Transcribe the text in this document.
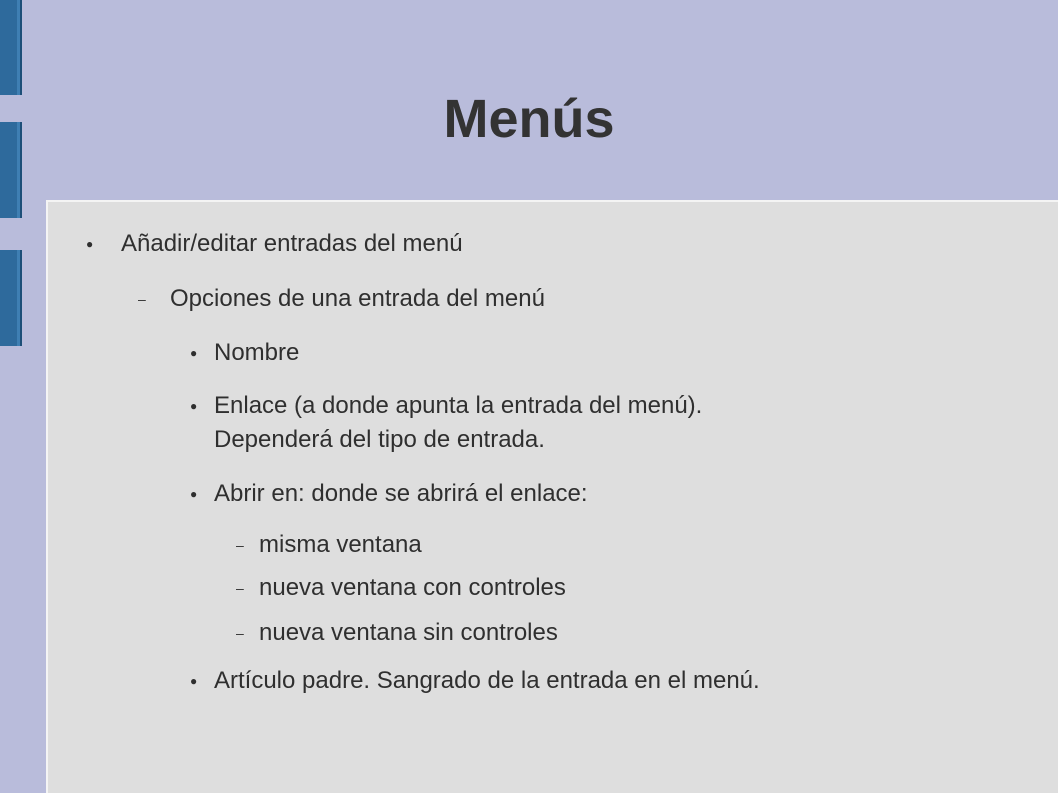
Menús
● Añadir/editar entradas del menú
– Opciones de una entrada del menú
● Nombre
● Enlace (a donde apunta la entrada del menú).
Dependerá del tipo de entrada.
● Abrir en: donde se abrirá el enlace:
– misma ventana
– nueva ventana con controles
– nueva ventana sin controles
● Artículo padre. Sangrado de la entrada en el menú.
